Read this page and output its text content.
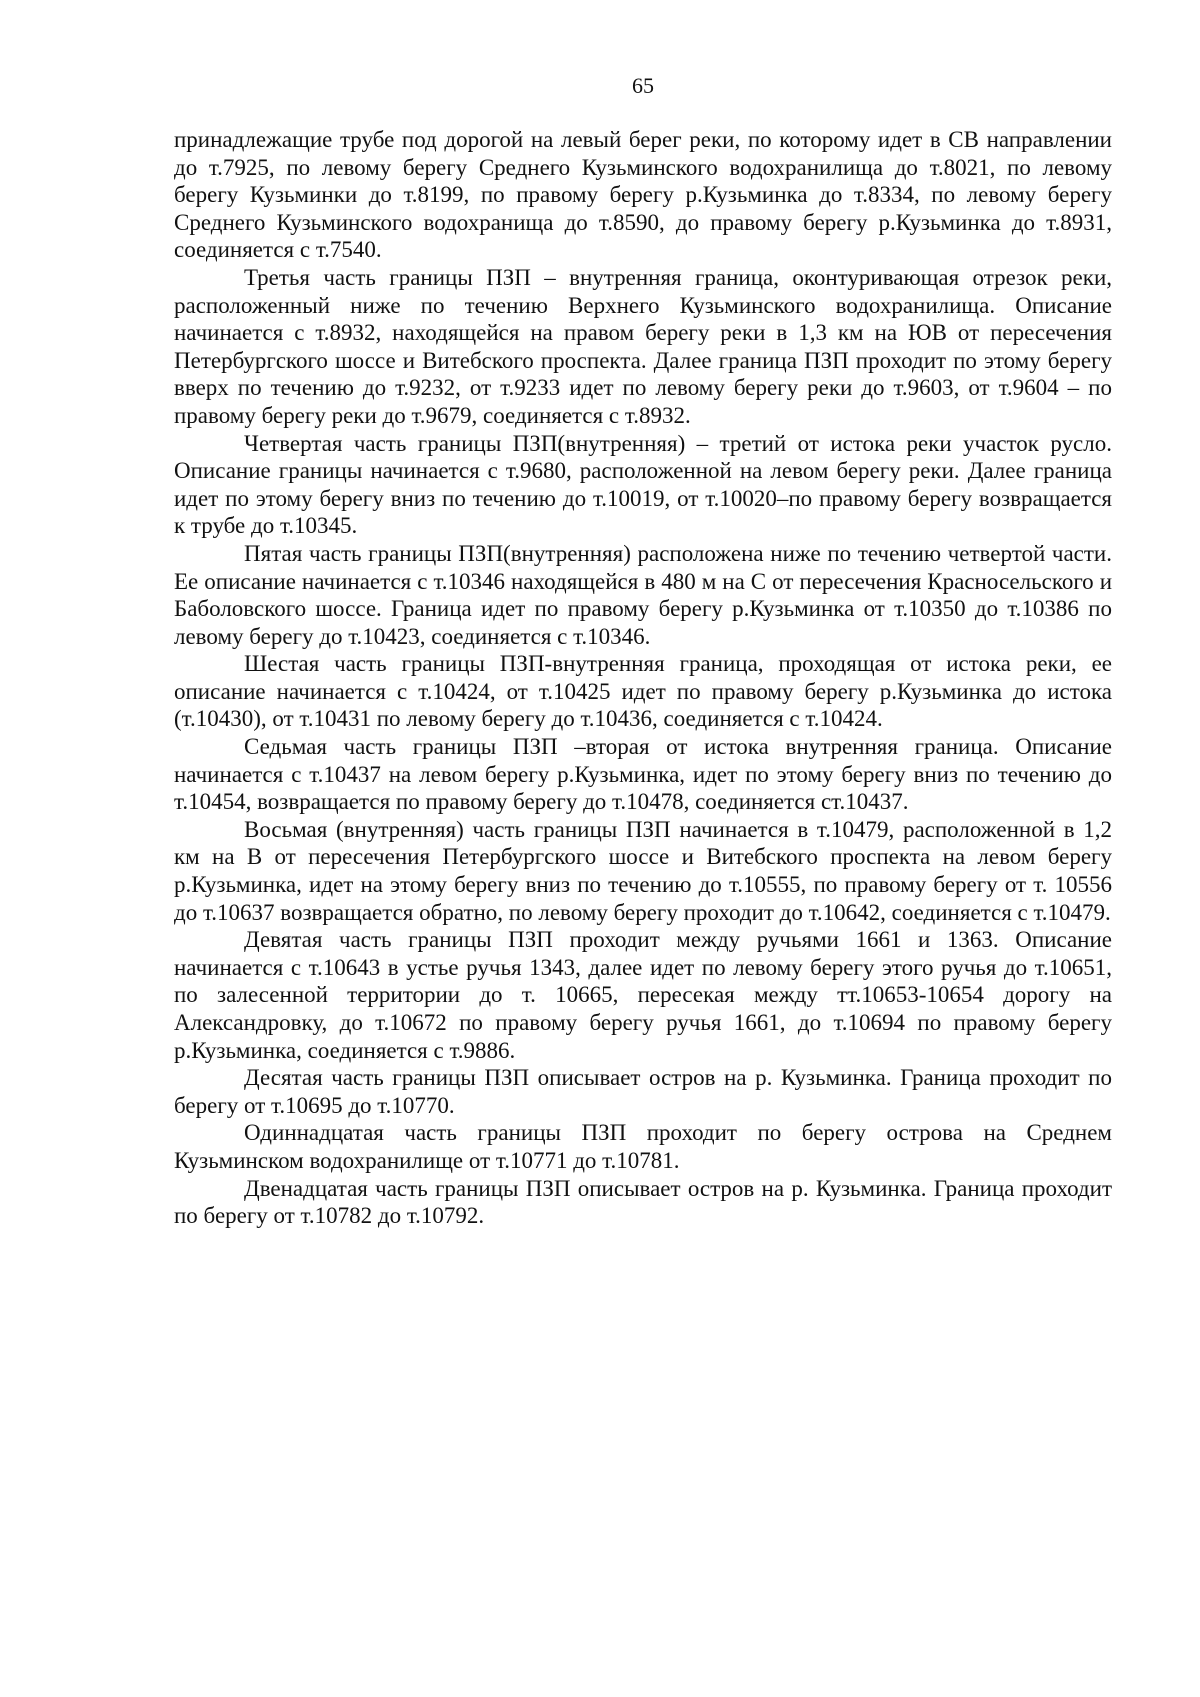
65

принадлежащие трубе под дорогой на левый берег реки, по которому идет в СВ направлении до т.7925, по левому берегу Среднего Кузьминского водохранилища до т.8021, по левому берегу Кузьминки до т.8199, по правому берегу р.Кузьминка до т.8334, по левому берегу Среднего Кузьминского водохранища до т.8590, до правому берегу р.Кузьминка до т.8931, соединяется с т.7540.

Третья часть границы ПЗП – внутренняя граница, оконтуривающая отрезок реки, расположенный ниже по течению Верхнего Кузьминского водохранилища. Описание начинается с т.8932, находящейся на правом берегу реки в 1,3 км на ЮВ от пересечения Петербургского шоссе и Витебского проспекта. Далее граница ПЗП проходит по этому берегу вверх по течению до т.9232, от т.9233 идет по левому берегу реки до т.9603, от т.9604 – по правому берегу реки до т.9679, соединяется с т.8932.

Четвертая часть границы ПЗП(внутренняя) – третий от истока реки участок русло. Описание границы начинается с т.9680, расположенной на левом берегу реки. Далее граница идет по этому берегу вниз по течению до т.10019, от т.10020–по правому берегу возвращается к трубе до т.10345.

Пятая часть границы ПЗП(внутренняя) расположена ниже по течению четвертой части. Ее описание начинается с т.10346 находящейся в 480 м на С от пересечения Красносельского и Баболовского шоссе. Граница идет по правому берегу р.Кузьминка от т.10350 до т.10386 по левому берегу до т.10423, соединяется с т.10346.

Шестая часть границы ПЗП-внутренняя граница, проходящая от истока реки, ее описание начинается с т.10424, от т.10425 идет по правому берегу р.Кузьминка до истока (т.10430), от т.10431 по левому берегу до т.10436, соединяется с т.10424.

Седьмая часть границы ПЗП –вторая от истока внутренняя граница. Описание начинается с т.10437 на левом берегу р.Кузьминка, идет по этому берегу вниз по течению до т.10454, возвращается по правому берегу до т.10478, соединяется ст.10437.

Восьмая (внутренняя) часть границы ПЗП начинается в т.10479, расположенной в 1,2 км на В от пересечения Петербургского шоссе и Витебского проспекта на левом берегу р.Кузьминка, идет на этому берегу вниз по течению до т.10555, по правому берегу от т. 10556 до т.10637 возвращается обратно, по левому берегу проходит до т.10642, соединяется с т.10479.

Девятая часть границы ПЗП проходит между ручьями 1661 и 1363. Описание начинается с т.10643 в устье ручья 1343, далее идет по левому берегу этого ручья до т.10651, по залесенной территории до т. 10665, пересекая между тт.10653-10654 дорогу на Александровку, до т.10672 по правому берегу ручья 1661, до т.10694 по правому берегу р.Кузьминка, соединяется с т.9886.

Десятая часть границы ПЗП описывает остров на р. Кузьминка. Граница проходит по берегу от т.10695 до т.10770.

Одиннадцатая часть границы ПЗП проходит по берегу острова на Среднем Кузьминском водохранилище от т.10771 до т.10781.

Двенадцатая часть границы ПЗП описывает остров на р. Кузьминка. Граница проходит по берегу от т.10782 до т.10792.
